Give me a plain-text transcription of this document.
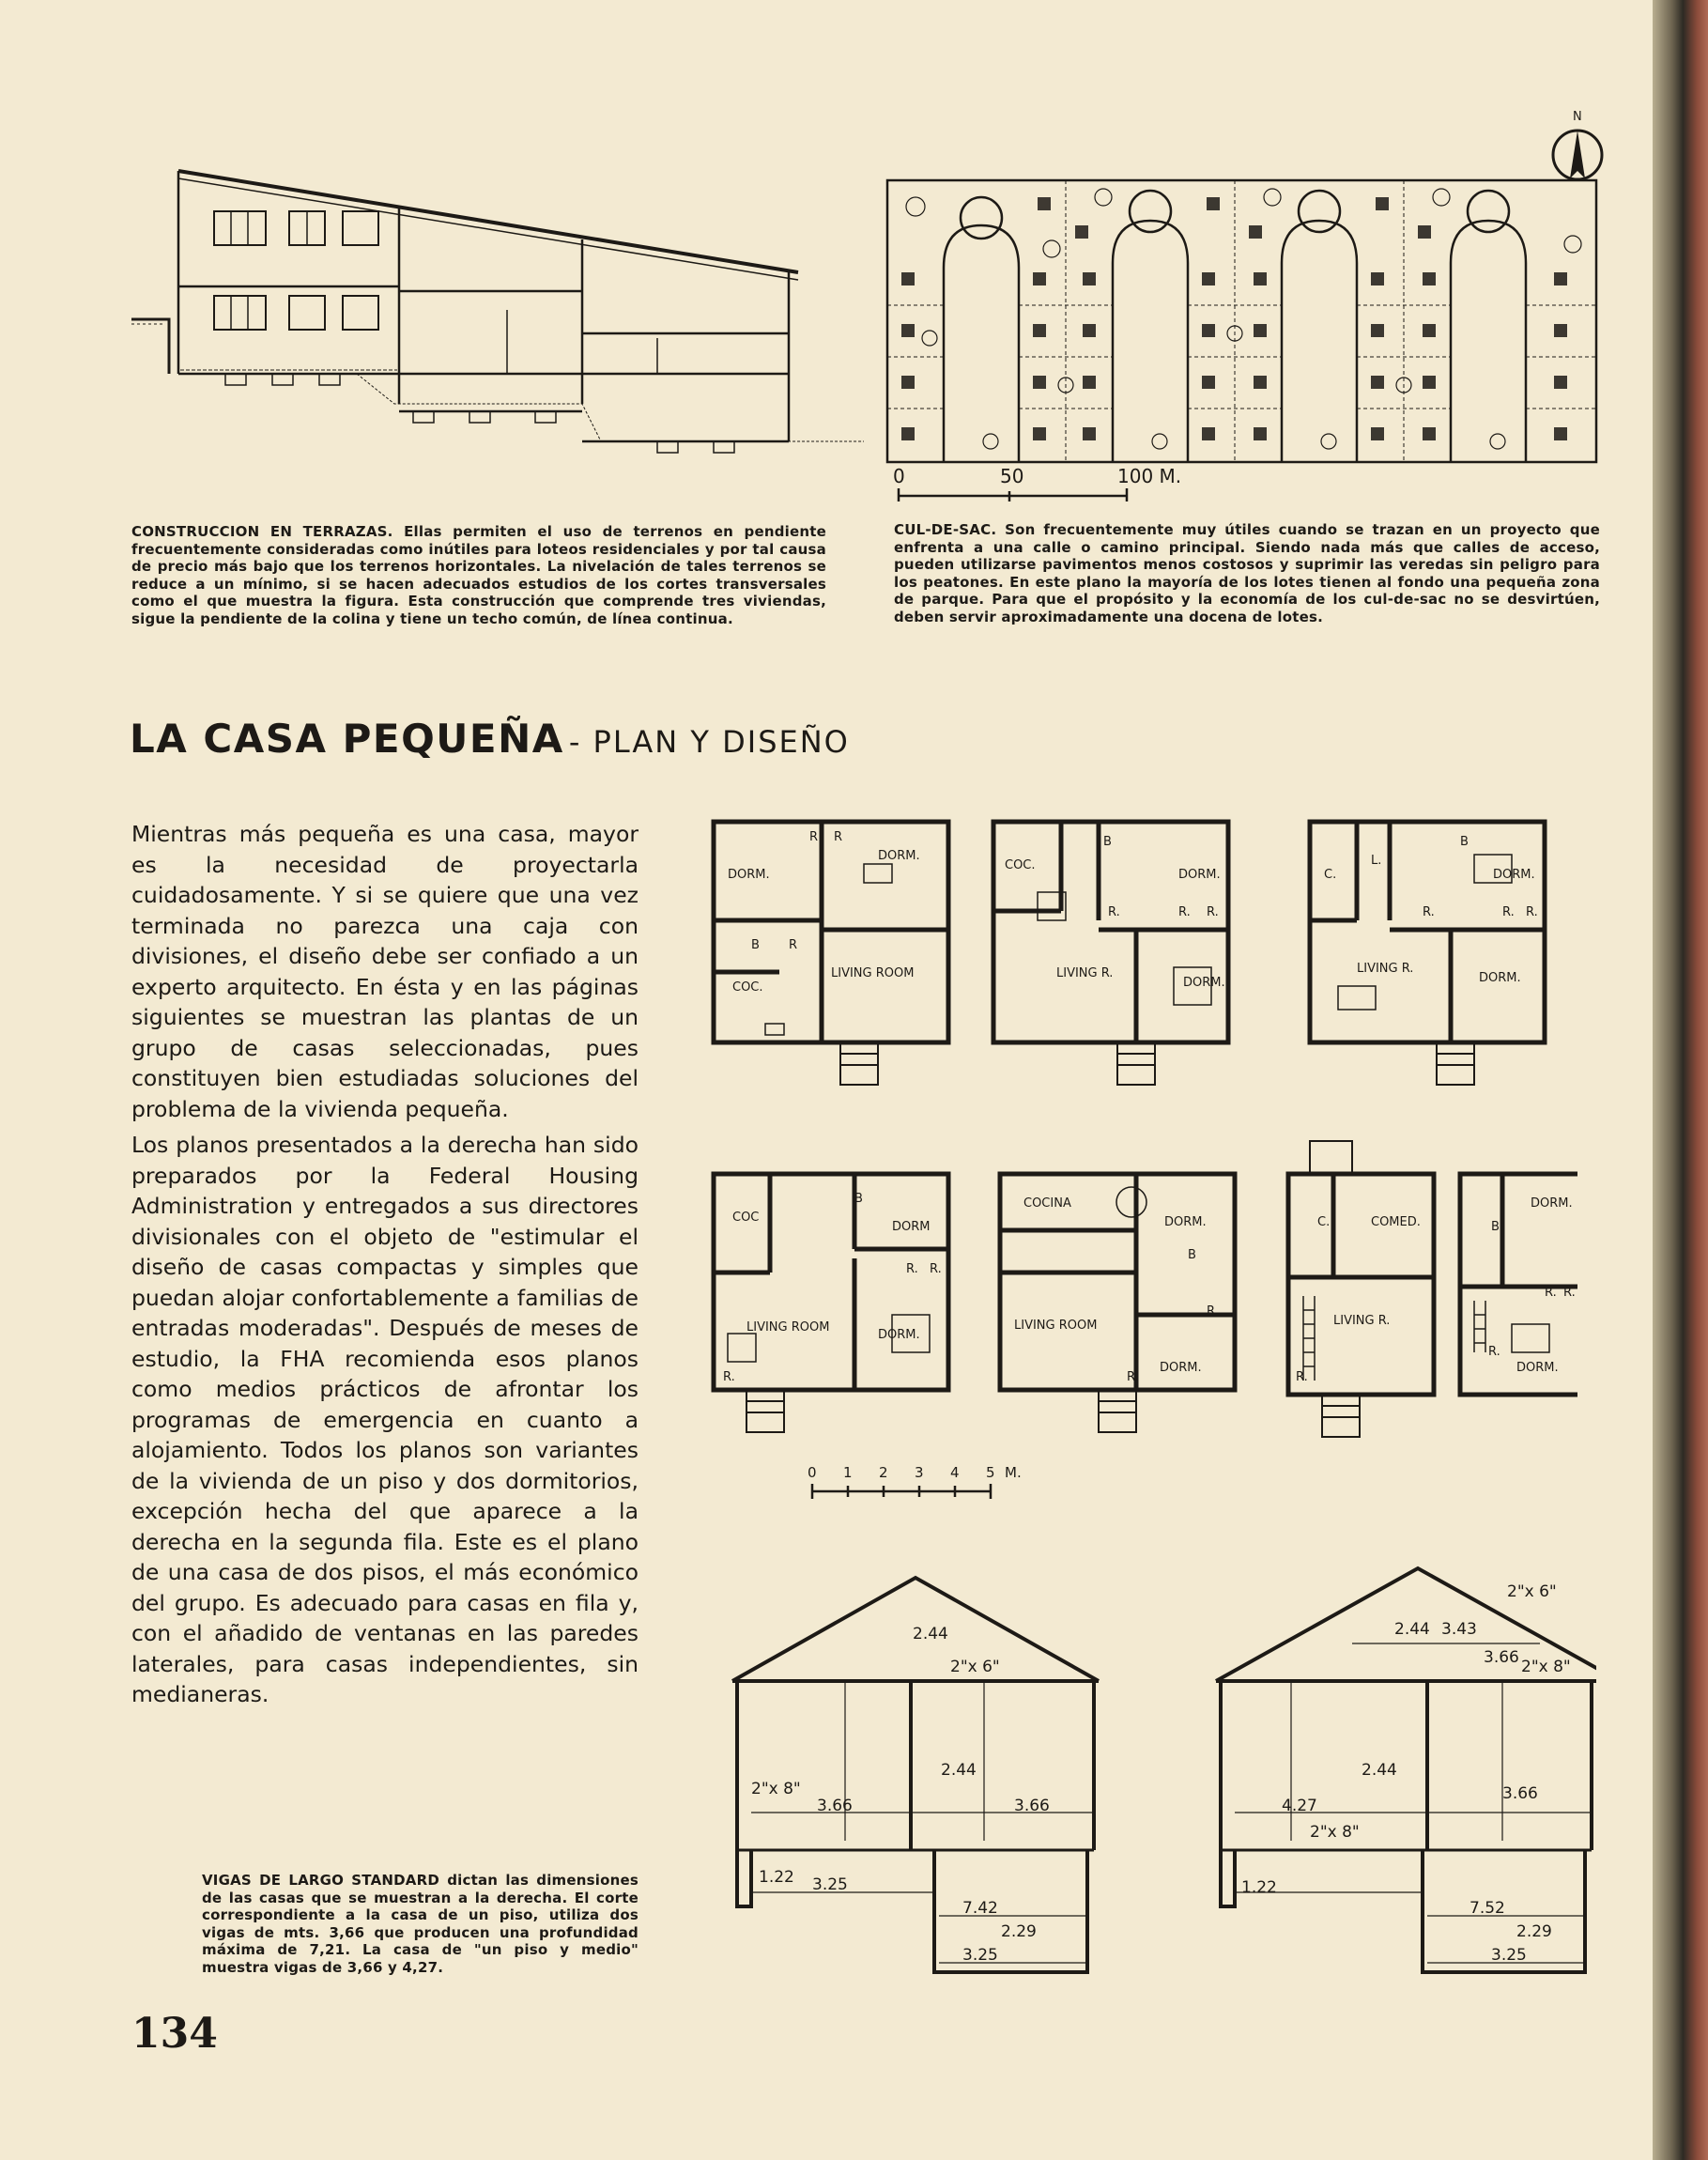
N
0	50	100 M.
CONSTRUCCION EN TERRAZAS. Ellas permiten el uso de terrenos en pendiente frecuentemente consideradas como inútiles para loteos residenciales y por tal causa de precio más bajo que los terrenos horizontales. La nivelación de tales terrenos se reduce a un mínimo, si se hacen adecuados estudios de los cortes transversales como el que muestra la figura. Esta construcción que comprende tres viviendas, sigue la pendiente de la colina y tiene un techo común, de línea continua.
CUL-DE-SAC. Son frecuentemente muy útiles cuando se trazan en un proyecto que enfrenta a una calle o camino principal. Siendo nada más que calles de acceso, pueden utilizarse pavimentos menos costosos y suprimir las veredas sin peligro para los peatones. En este plano la mayoría de los lotes tienen al fondo una pequeña zona de parque. Para que el propósito y la economía de los cul-de-sac no se desvirtúen, deben servir aproximadamente una docena de lotes.
LA CASA PEQUEÑA - PLAN Y DISEÑO

Mientras más pequeña es una casa, mayor es la necesidad de proyectarla cuidadosamente. Y si se quiere que una vez terminada no parezca una caja con divisiones, el diseño debe ser confiado a un experto arquitecto. En ésta y en las páginas siguientes se muestran las plantas de un grupo de casas seleccionadas, pues constituyen bien estudiadas soluciones del problema de la vivienda pequeña.

Los planos presentados a la derecha han sido preparados por la Federal Housing Administration y entregados a sus directores divisionales con el objeto de "estimular el diseño de casas compactas y simples que puedan alojar confortablemente a familias de entradas moderadas". Después de meses de estudio, la FHA recomienda esos planos como medios prácticos de afrontar los programas de emergencia en cuanto a alojamiento. Todos los planos son variantes de la vivienda de un piso y dos dormitorios, excepción hecha del que aparece a la derecha en la segunda fila. Este es el plano de una casa de dos pisos, el más económico del grupo. Es adecuado para casas en fila y, con el añadido de ventanas en las paredes laterales, para casas independientes, sin medianeras.

DORM.
DORM.
COC.
LIVING ROOM
R R
B R
COC.
DORM.
DORM.
LIVING R.
B
R.	R. R.
C.
L.
DORM.
DORM.
LIVING R.
B
R.	R. R.
COC
DORM
DORM.
LIVING ROOM
B
R.
R. R.
COCINA
DORM.
DORM.
LIVING ROOM
B
R.
R.
C.	COMED.
LIVING R.
R.
DORM.
DORM.
B
R.
R. R.
0 1 2 3 4 5 M.
2.44
2"x 6"
2.44
2"x 8"
3.66	3.66
1.22 3.25
7.42
2.29
3.25
2.44 3.43
2"x 6"
3.66 2"x 8"
2.44
4.27
3.66
2"x 8"
1.22
7.52
2.29
3.25
VIGAS DE LARGO STANDARD dictan las dimensiones de las casas que se muestran a la derecha. El corte correspondiente a la casa de un piso, utiliza dos vigas de mts. 3,66 que producen una profundidad máxima de 7,21. La casa de "un piso y medio" muestra vigas de 3,66 y 4,27.
134
